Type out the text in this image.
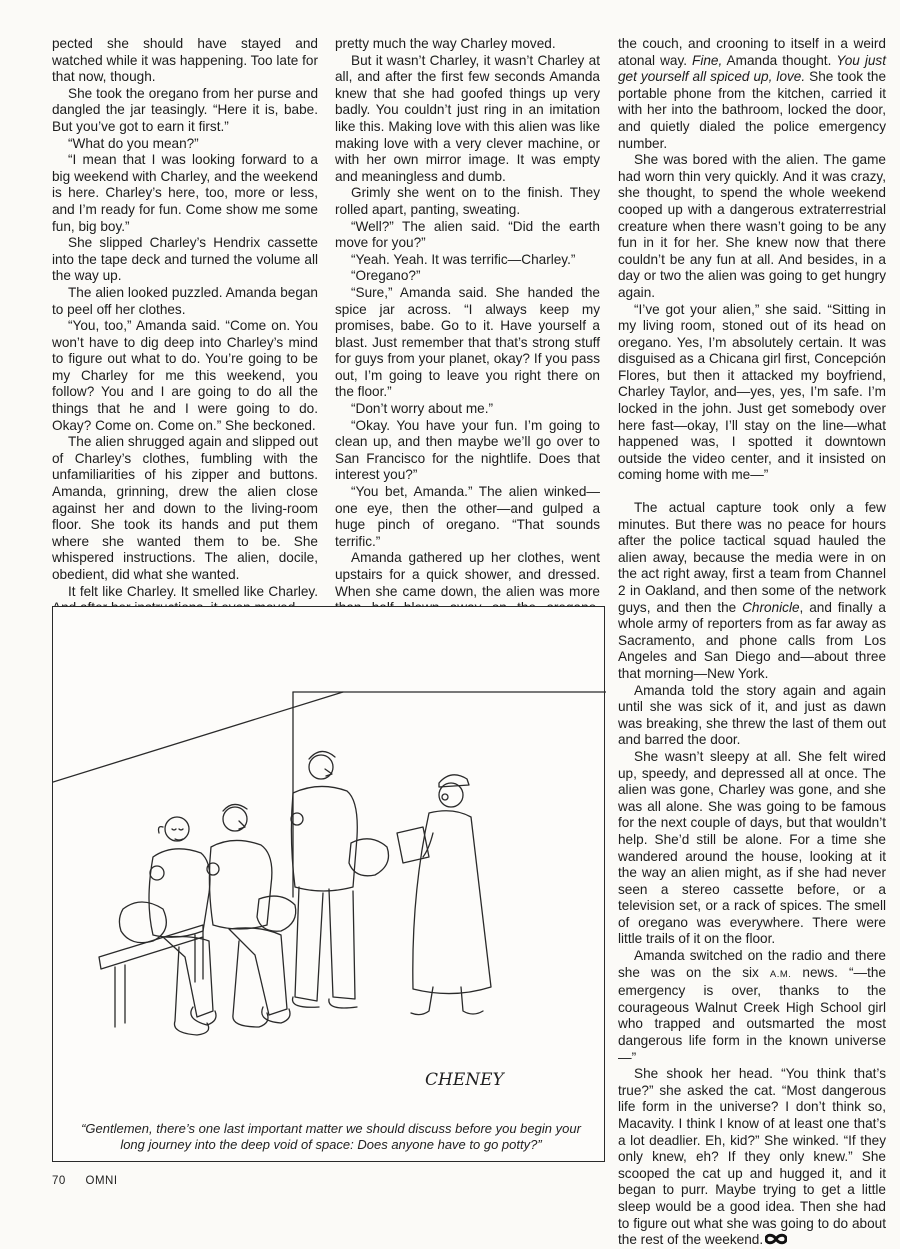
pected she should have stayed and watched while it was happening. Too late for that now, though.

She took the oregano from her purse and dangled the jar teasingly. “Here it is, babe. But you’ve got to earn it first.”

“What do you mean?”

“I mean that I was looking forward to a big weekend with Charley, and the weekend is here. Charley’s here, too, more or less, and I’m ready for fun. Come show me some fun, big boy.”

She slipped Charley’s Hendrix cassette into the tape deck and turned the volume all the way up.

The alien looked puzzled. Amanda began to peel off her clothes.

“You, too,” Amanda said. “Come on. You won’t have to dig deep into Charley’s mind to figure out what to do. You’re going to be my Charley for me this weekend, you follow? You and I are going to do all the things that he and I were going to do. Okay? Come on. Come on.” She beckoned.

The alien shrugged again and slipped out of Charley’s clothes, fumbling with the unfamiliarities of his zipper and buttons. Amanda, grinning, drew the alien close against her and down to the living-room floor. She took its hands and put them where she wanted them to be. She whispered instructions. The alien, docile, obedient, did what she wanted.

It felt like Charley. It smelled like Charley.

pretty much the way Charley moved.

But it wasn’t Charley, it wasn’t Charley at all, and after the first few seconds Amanda knew that she had goofed things up very badly. You couldn’t just ring in an imitation like this. Making love with this alien was like making love with a very clever machine, or with her own mirror image. It was empty and meaningless and dumb.

Grimly she went on to the finish. They rolled apart, panting, sweating.

“Well?” The alien said. “Did the earth move for you?”

“Yeah. Yeah. It was terrific—Charley.”

“Oregano?”

“Sure,” Amanda said. She handed the spice jar across. “I always keep my promises, babe. Go to it. Have yourself a blast. Just remember that that’s strong stuff for guys from your planet, okay? If you pass out, I’m going to leave you right there on the floor.”

“Don’t worry about me.”

“Okay. You have your fun. I’m going to clean up, and then maybe we’ll go over to San Francisco for the nightlife. Does that interest you?”

“You bet, Amanda.” The alien winked—one eye, then the other—and gulped a huge pinch of oregano. “That sounds terrific.”

Amanda gathered up her clothes, went upstairs for a quick shower, and dressed. When she came down, the alien was more

the couch, and crooning to itself in a weird atonal way. Fine, Amanda thought. You just get yourself all spiced up, love. She took the portable phone from the kitchen, carried it with her into the bathroom, locked the door, and quietly dialed the police emergency number.

She was bored with the alien. The game had worn thin very quickly. And it was crazy, she thought, to spend the whole weekend cooped up with a dangerous extraterrestrial creature when there wasn’t going to be any fun in it for her. She knew now that there couldn’t be any fun at all. And besides, in a day or two the alien was going to get hungry again.

“I’ve got your alien,” she said. “Sitting in my living room, stoned out of its head on oregano. Yes, I’m absolutely certain. It was disguised as a Chicana girl first, Concepción Flores, but then it attacked my boyfriend, Charley Taylor, and—yes, yes, I’m safe. I’m locked in the john. Just get somebody over here fast—okay, I’ll stay on the line—what happened was, I spotted it downtown outside the video center, and it insisted on coming home with me—”

The actual capture took only a few minutes. But there was no peace for hours after the police tactical squad hauled the alien away, because the media were in on the act right away, first a team from Channel 2 in Oakland, and then some of the network guys, and then the Chronicle, and finally a whole army of reporters from as far away as Sacramento, and phone calls from Los Angeles and San Diego and—about three that morning—New York.

Amanda told the story again and again until she was sick of it, and just as dawn was breaking, she threw the last of them out and barred the door.

She wasn’t sleepy at all. She felt wired up, speedy, and depressed all at once. The alien was gone, Charley was gone, and she was all alone. She was going to be famous for the next couple of days, but that wouldn’t help. She’d still be alone. For a time she wandered around the house, looking at it the way an alien might, as if she had never seen a stereo cassette before, or a television set, or a rack of spices. The smell of oregano was everywhere. There were little trails of it on the floor.

Amanda switched on the radio and there she was on the six A.M. news. “—the emergency is over, thanks to the courageous Walnut Creek High School girl who trapped and outsmarted the most dangerous life form in the known universe—”

She shook her head. “You think that’s true?” she asked the cat. “Most dangerous life form in the universe? I don’t think so, Macavity. I think I know of at least one that’s a lot deadlier. Eh, kid?” She winked. “If they only knew, eh? If they only knew.” She scooped the cat up and hugged it, and it began to purr. Maybe trying to get a little sleep would be a good idea. Then she had to figure out what she was going to do about the rest of the weekend.

CHENEY
“Gentlemen, there’s one last important matter we should discuss before you begin your long journey into the deep void of space: Does anyone have to go potty?”
70 OMNI
